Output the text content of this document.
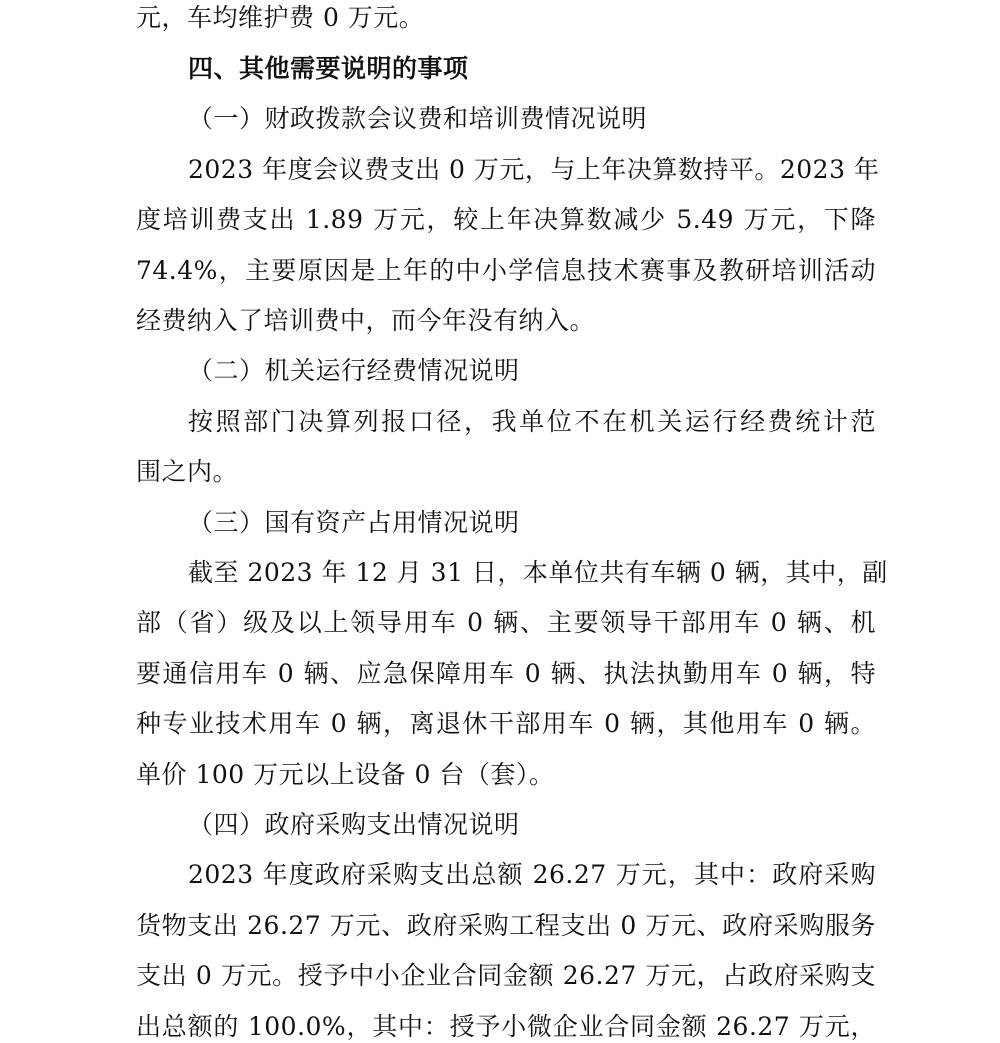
元，车均维护费 0 万元。
四、其他需要说明的事项
（一）财政拨款会议费和培训费情况说明
2023 年度会议费支出 0 万元，与上年决算数持平。2023 年
度培训费支出 1.89 万元，较上年决算数减少 5.49 万元，下降
74.4%，主要原因是上年的中小学信息技术赛事及教研培训活动
经费纳入了培训费中，而今年没有纳入。
（二）机关运行经费情况说明
按照部门决算列报口径，我单位不在机关运行经费统计范
围之内。
（三）国有资产占用情况说明
截至 2023 年 12 月 31 日，本单位共有车辆 0 辆，其中，副
部（省）级及以上领导用车 0 辆、主要领导干部用车 0 辆、机
要通信用车 0 辆、应急保障用车 0 辆、执法执勤用车 0 辆，特
种专业技术用车 0 辆，离退休干部用车 0 辆，其他用车 0 辆。
单价 100 万元以上设备 0 台（套）。
（四）政府采购支出情况说明
2023 年度政府采购支出总额 26.27 万元，其中：政府采购
货物支出 26.27 万元、政府采购工程支出 0 万元、政府采购服务
支出 0 万元。授予中小企业合同金额 26.27 万元，占政府采购支
出总额的 100.0%，其中：授予小微企业合同金额 26.27 万元，
